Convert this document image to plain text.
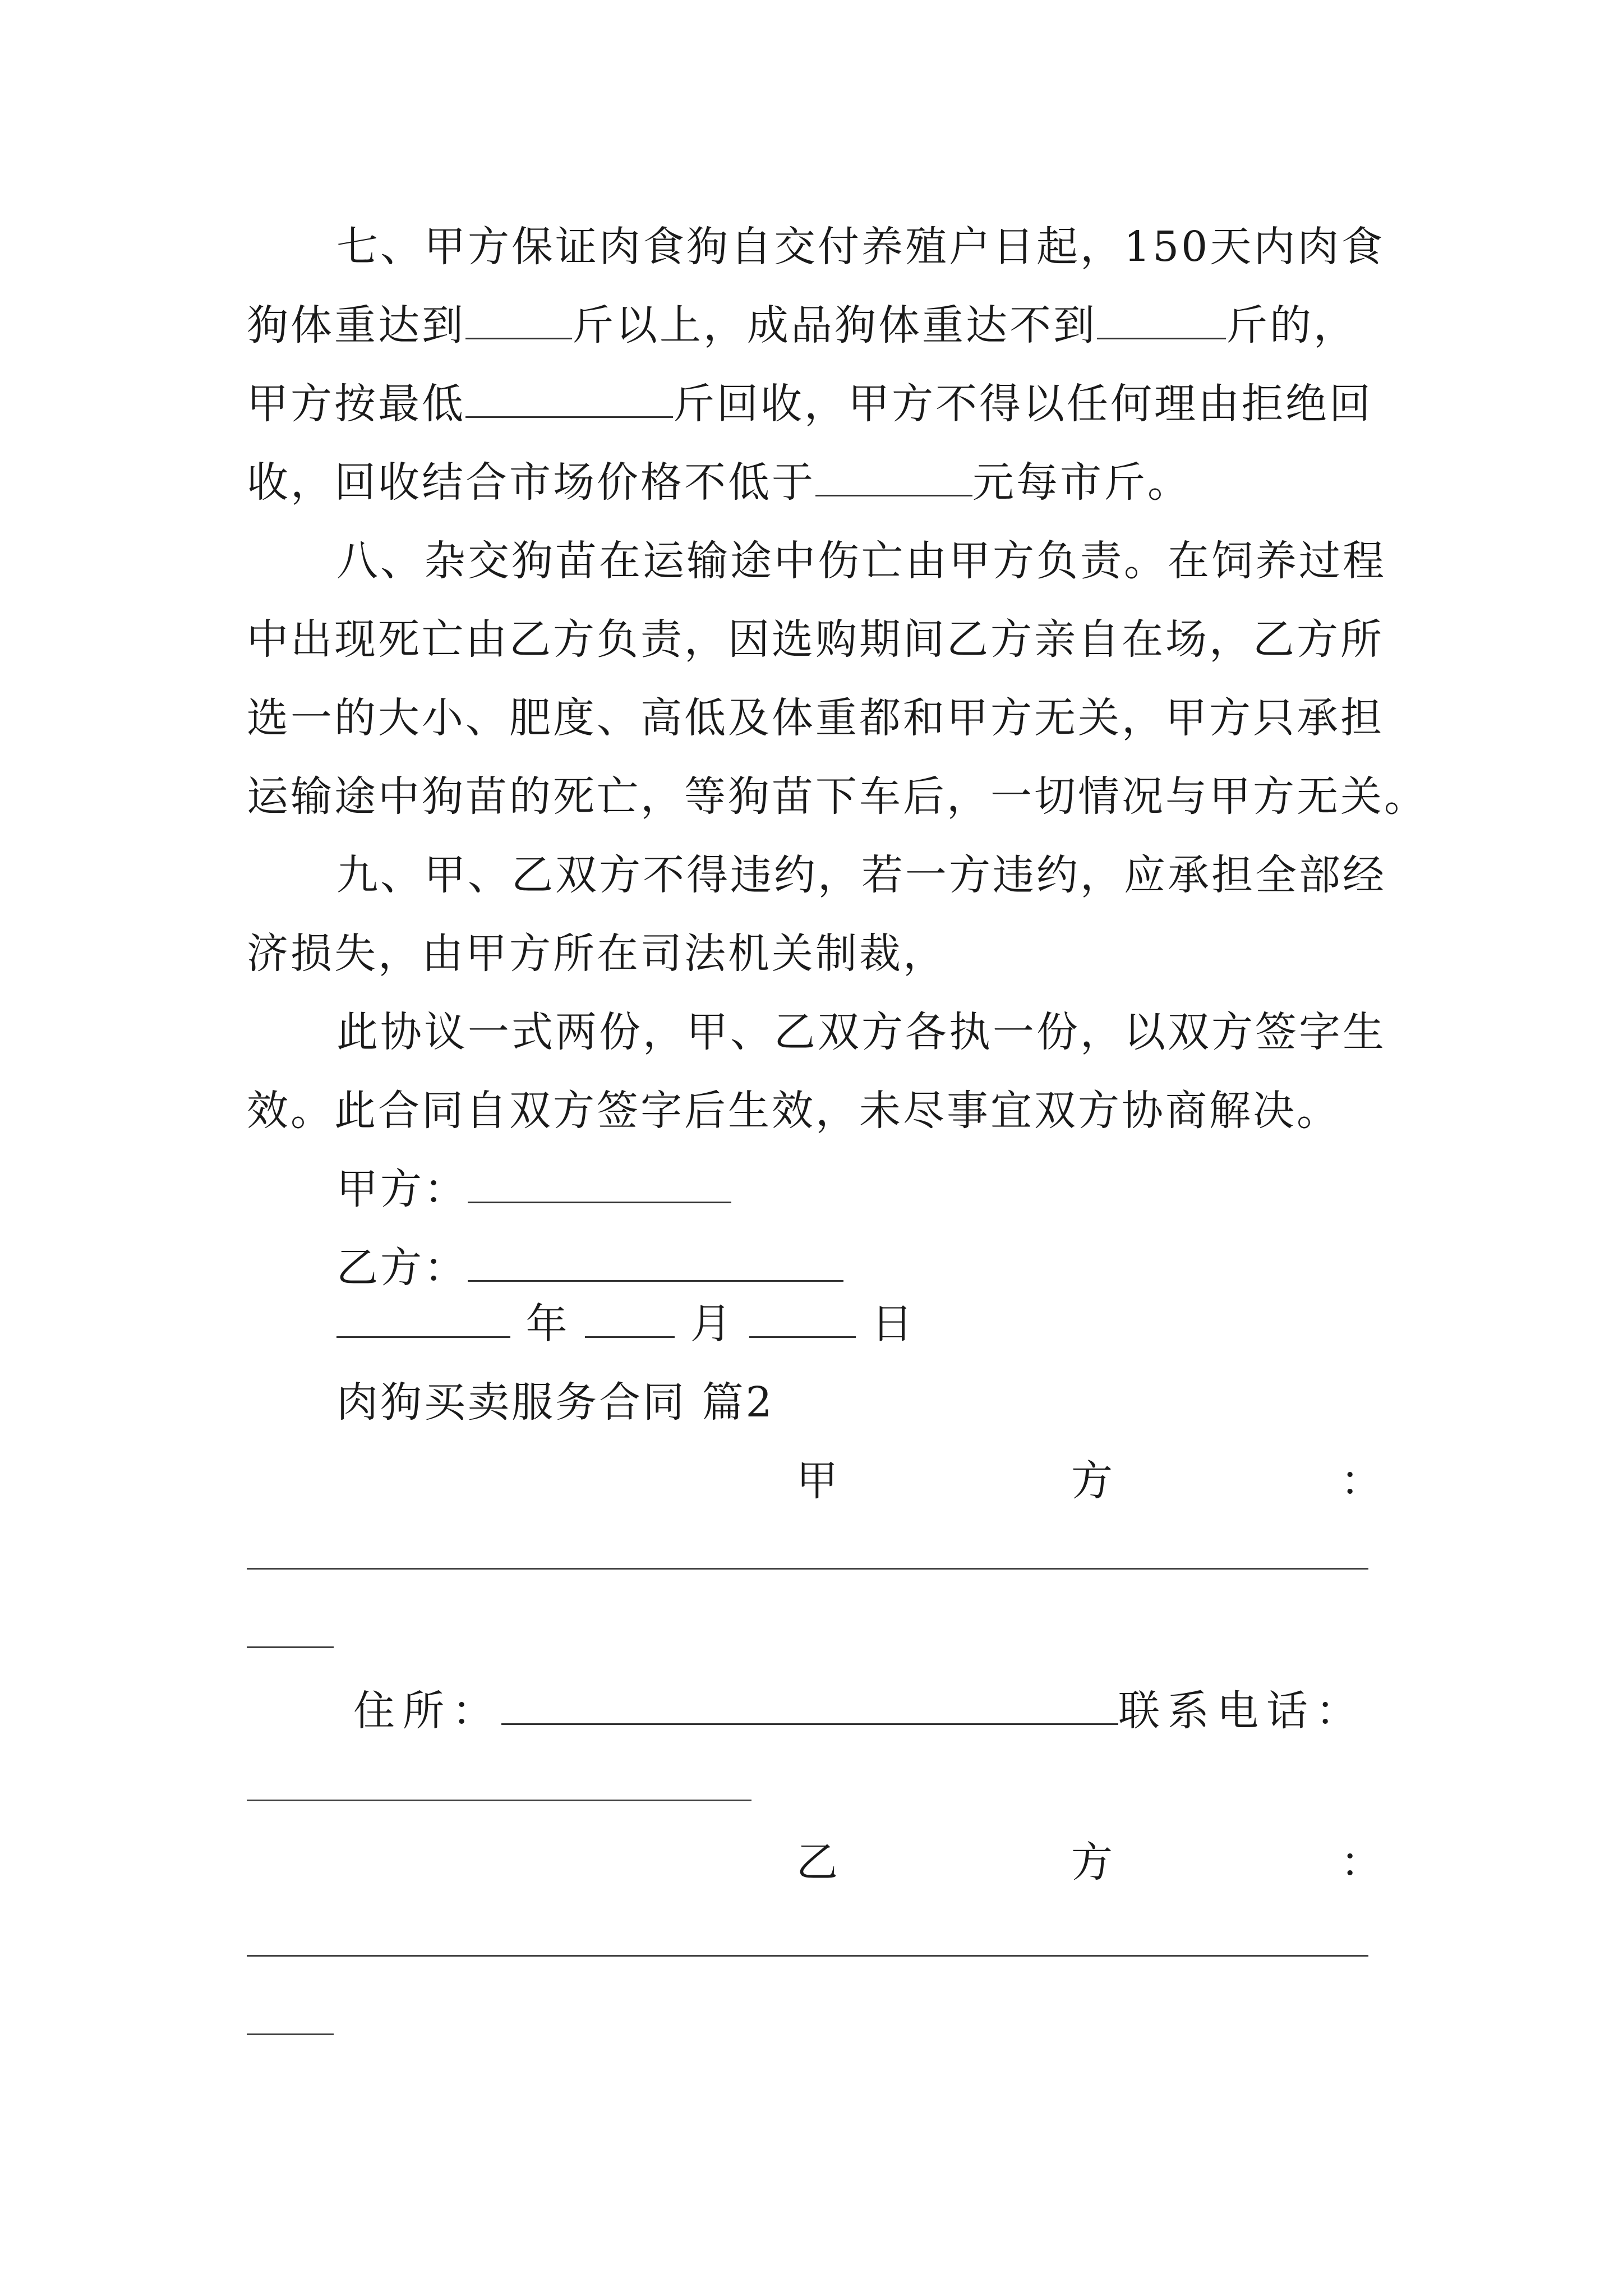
七、甲方保证肉食狗自交付养殖户日起，150天内肉食
狗体重达到	斤以上，成品狗体重达不到	斤的，
甲方按最低	斤回收，甲方不得以任何理由拒绝回
收，回收结合市场价格不低于	元每市斤。
八、杂交狗苗在运输途中伤亡由甲方负责。在饲养过程
中出现死亡由乙方负责，因选购期间乙方亲自在场，乙方所
选一的大小、肥度、高低及体重都和甲方无关，甲方只承担
运输途中狗苗的死亡，等狗苗下车后，一切情况与甲方无关。
九、甲、乙双方不得违约，若一方违约，应承担全部经
济损失，由甲方所在司法机关制裁，
此协议一式两份，甲、乙双方各执一份，以双方签字生
效。此合同自双方签字后生效，未尽事宜双方协商解决。
甲方：
乙方：
年	月	日
肉狗买卖服务合同 篇2
甲	方	：
住所：	联系电话：
乙	方	：
